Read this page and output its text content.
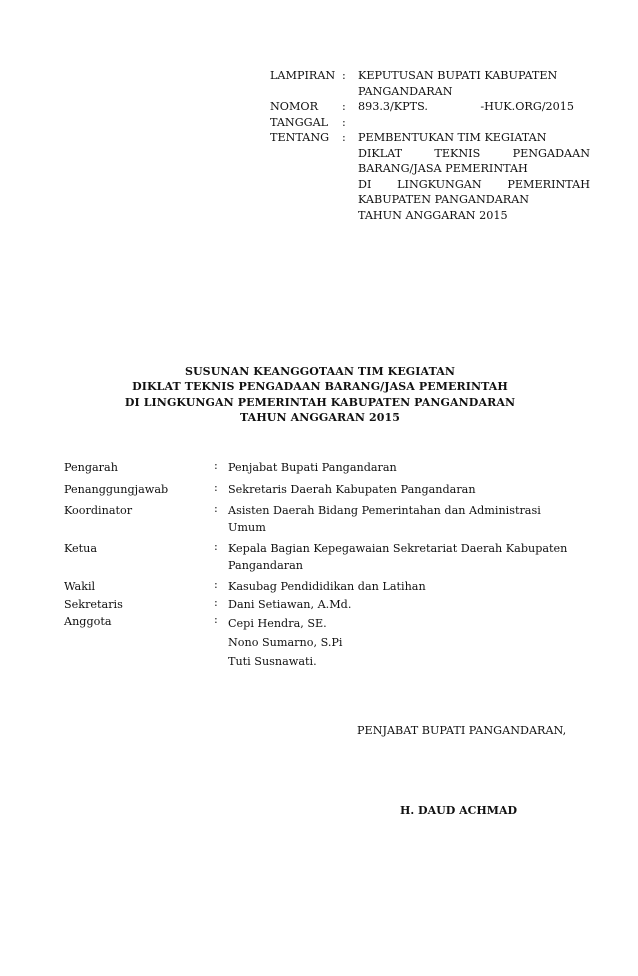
LAMPIRAN :	KEPUTUSAN BUPATI KABUPATEN
PANGANDARAN
NOMOR	:	893.3/KPTS.	-HUK.ORG/2015
TANGGAL	:

TENTANG	:	PEMBENTUKAN TIM KEGIATAN
DIKLAT TEKNIS PENGADAAN
BARANG/JASA PEMERINTAH
DI LINGKUNGAN PEMERINTAH
KABUPATEN PANGANDARAN
TAHUN ANGGARAN 2015
SUSUNAN KEANGGOTAAN TIM KEGIATAN
DIKLAT TEKNIS PENGADAAN BARANG/JASA PEMERINTAH
DI LINGKUNGAN PEMERINTAH KABUPATEN PANGANDARAN
TAHUN ANGGARAN 2015
Pengarah	: Penjabat Bupati Pangandaran
Penanggungjawab	: Sekretaris Daerah Kabupaten Pangandaran
Koordinator	: Asisten Daerah Bidang Pemerintahan dan Administrasi
Umum
Ketua	: Kepala Bagian Kepegawaian Sekretariat Daerah Kabupaten
Pangandaran
Wakil	: Kasubag Pendididikan dan Latihan
Sekretaris	: Dani Setiawan, A.Md.
Anggota	: Cepi Hendra, SE.
Nono Sumarno, S.Pi
Tuti Susnawati.
PENJABAT BUPATI PANGANDARAN,
H. DAUD ACHMAD
